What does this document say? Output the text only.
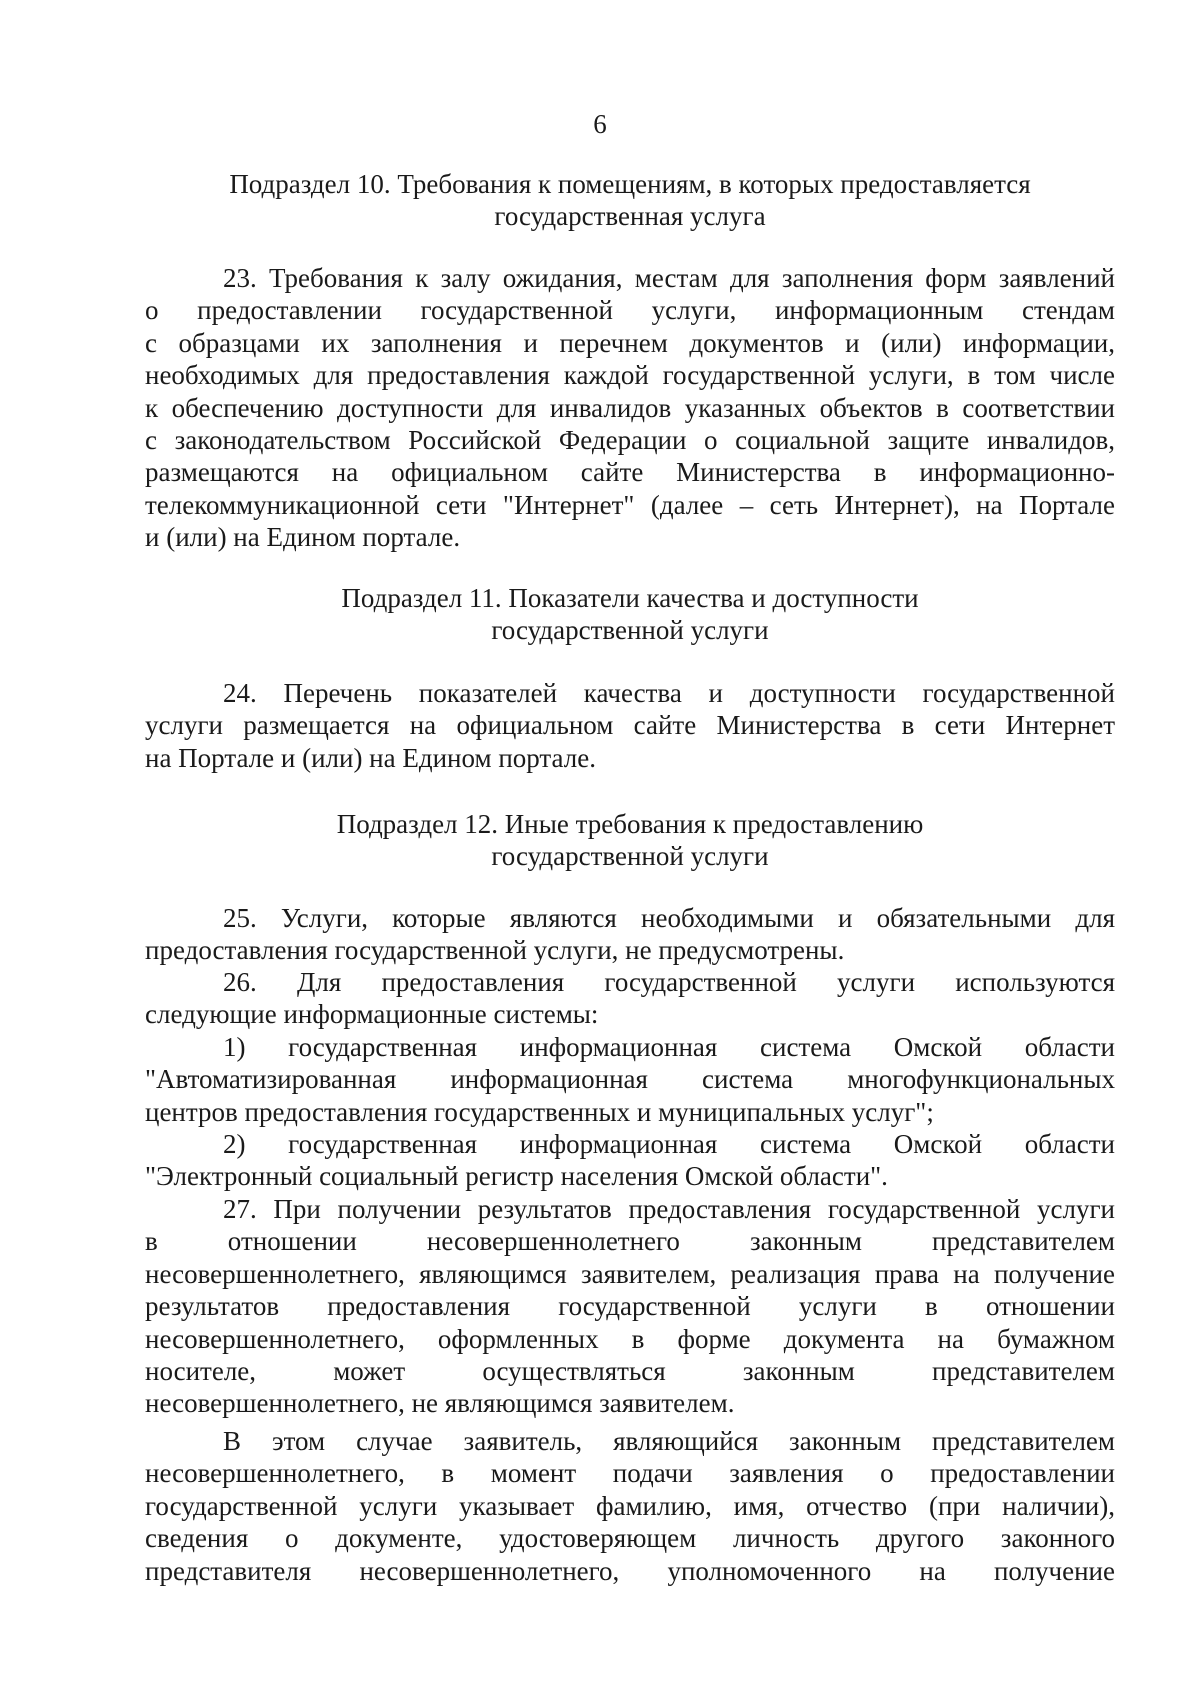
6
Подраздел 10. Требования к помещениям, в которых предоставляется
государственная услуга
23. Требования к залу ожидания, местам для заполнения форм заявлений
о предоставлении государственной услуги, информационным стендам
с образцами их заполнения и перечнем документов и (или) информации,
необходимых для предоставления каждой государственной услуги, в том числе
к обеспечению доступности для инвалидов указанных объектов в соответствии
с законодательством Российской Федерации о социальной защите инвалидов,
размещаются на официальном сайте Министерства в информационно-
телекоммуникационной сети "Интернет" (далее – сеть Интернет), на Портале
и (или) на Едином портале.
Подраздел 11. Показатели качества и доступности
государственной услуги
24. Перечень показателей качества и доступности государственной
услуги размещается на официальном сайте Министерства в сети Интернет
на Портале и (или) на Едином портале.
Подраздел 12. Иные требования к предоставлению
государственной услуги
25. Услуги, которые являются необходимыми и обязательными для
предоставления государственной услуги, не предусмотрены.
26. Для предоставления государственной услуги используются
следующие информационные системы:
1) государственная информационная система Омской области
"Автоматизированная информационная система многофункциональных
центров предоставления государственных и муниципальных услуг";
2) государственная информационная система Омской области
"Электронный социальный регистр населения Омской области".
27. При получении результатов предоставления государственной услуги
в отношении несовершеннолетнего законным представителем
несовершеннолетнего, являющимся заявителем, реализация права на получение
результатов предоставления государственной услуги в отношении
несовершеннолетнего, оформленных в форме документа на бумажном
носителе, может осуществляться законным представителем
несовершеннолетнего, не являющимся заявителем.
В этом случае заявитель, являющийся законным представителем
несовершеннолетнего, в момент подачи заявления о предоставлении
государственной услуги указывает фамилию, имя, отчество (при наличии),
сведения о документе, удостоверяющем личность другого законного
представителя несовершеннолетнего, уполномоченного на получение
